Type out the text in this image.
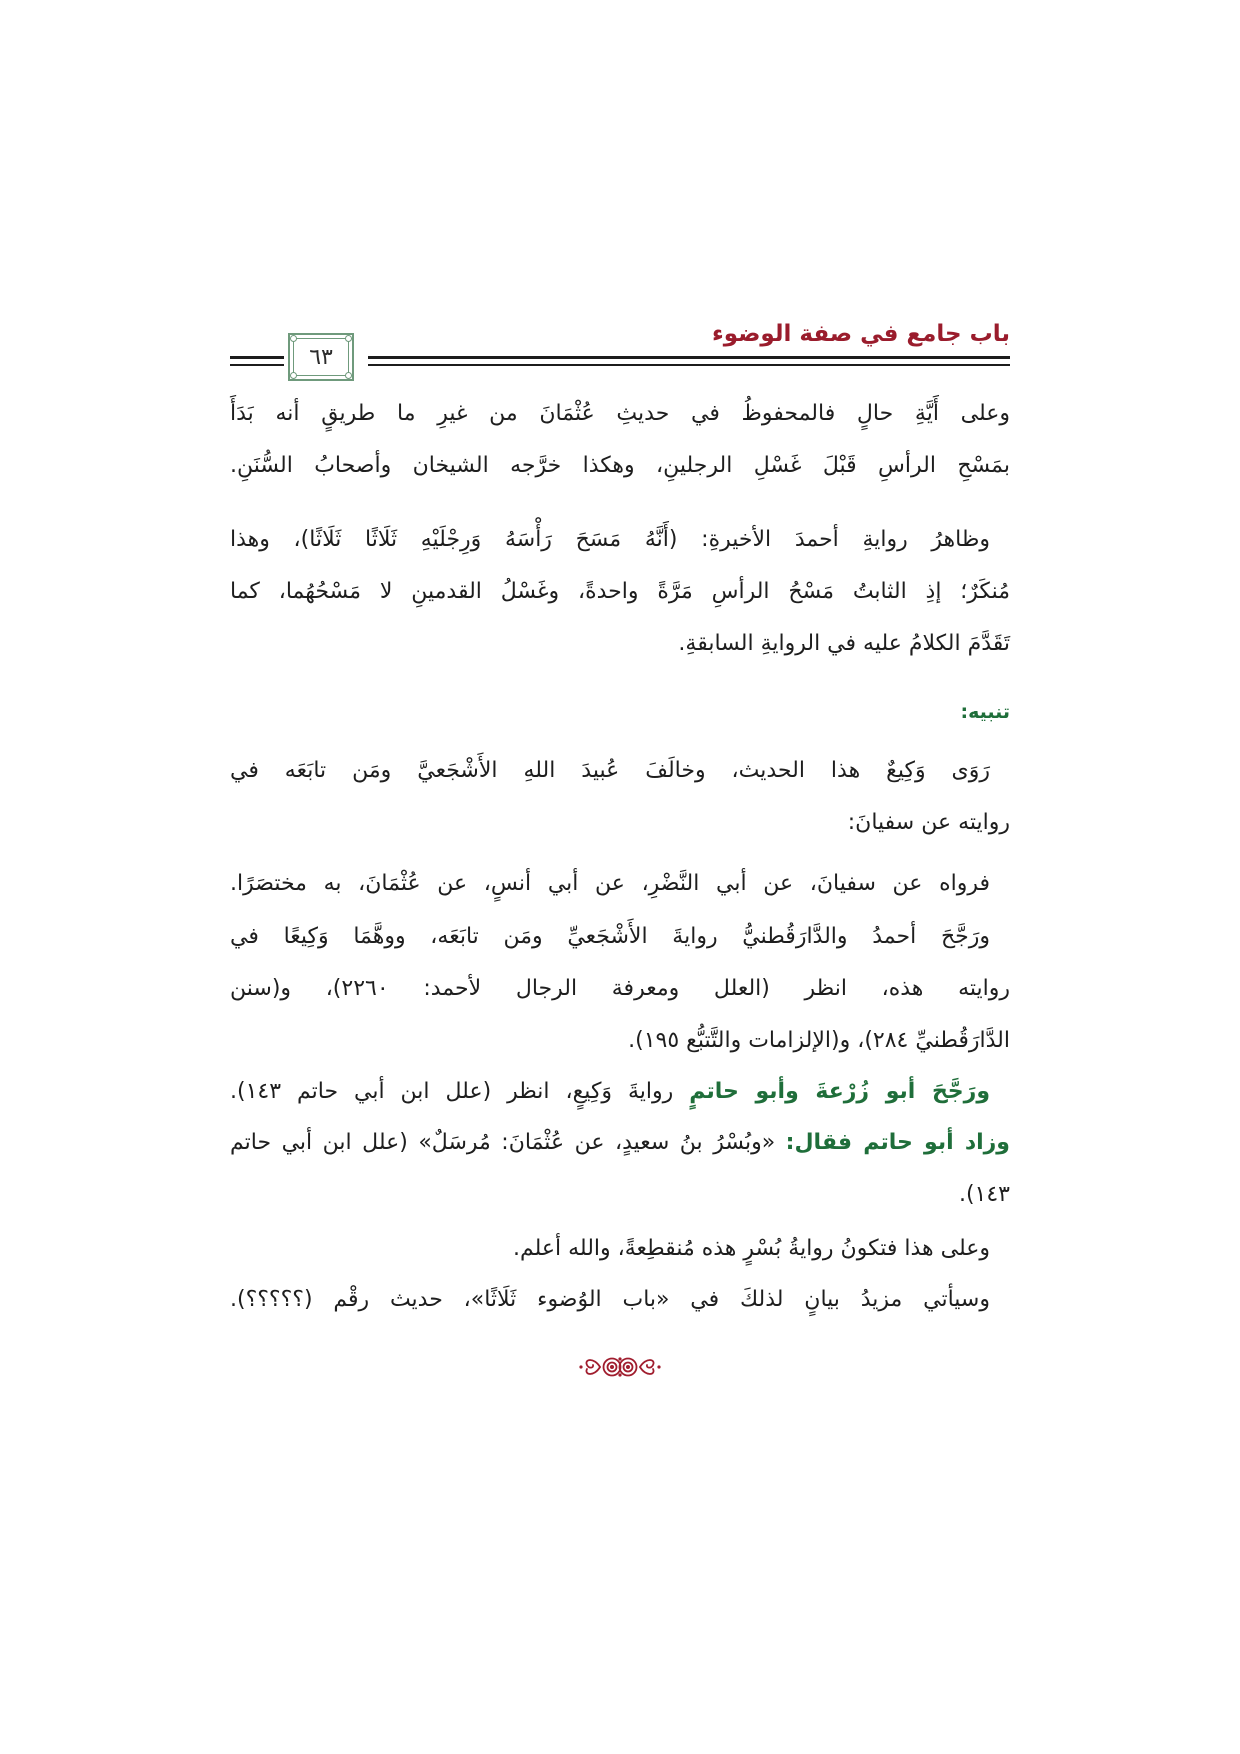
باب جامع في صفة الوضوء
٦٣
وعلى أَيَّةِ حالٍ فالمحفوظُ في حديثِ عُثْمَانَ من غيرِ ما طريقٍ أنه بَدَأَ
بمَسْحِ الرأسِ قَبْلَ غَسْلِ الرجلينِ، وهكذا خرَّجه الشيخان وأصحابُ السُّنَنِ.
وظاهرُ روايةِ أحمدَ الأخيرةِ: (أَنَّهُ مَسَحَ رَأْسَهُ وَرِجْلَيْهِ ثَلَاثًا ثَلَاثًا)، وهذا
مُنكَرٌ؛ إذِ الثابتُ مَسْحُ الرأسِ مَرَّةً واحدةً، وغَسْلُ القدمينِ لا مَسْحُهُما، كما
تَقَدَّمَ الكلامُ عليه في الروايةِ السابقةِ.
تنبيه:
رَوَى وَكِيعٌ هذا الحديث، وخالَفَ عُبيدَ اللهِ الأَشْجَعيَّ ومَن تابَعَه في
روايته عن سفيانَ:
فرواه عن سفيانَ، عن أبي النَّضْرِ، عن أبي أنسٍ، عن عُثْمَانَ، به مختصَرًا.
ورَجَّحَ أحمدُ والدَّارَقُطنيُّ روايةَ الأَشْجَعيِّ ومَن تابَعَه، ووهَّمَا وَكِيعًا في
روايته هذه، انظر (العلل ومعرفة الرجال لأحمد: ٢٢٦٠)، و(سنن
الدَّارَقُطنيِّ ٢٨٤)، و(الإلزامات والتَّتبُّع ١٩٥).
ورَجَّحَ أبو زُرْعةَ وأبو حاتمٍ روايةَ وَكِيعٍ، انظر (علل ابن أبي حاتم ١٤٣).
وزاد أبو حاتم فقال: «وبُسْرُ بنُ سعيدٍ، عن عُثْمَانَ: مُرسَلٌ» (علل ابن أبي حاتم
١٤٣).
وعلى هذا فتكونُ روايةُ بُسْرٍ هذه مُنقطِعةً، والله أعلم.
وسيأتي مزيدُ بيانٍ لذلكَ في «باب الوُضوء ثَلَاثًا»، حديث رقْم (؟؟؟؟؟).
